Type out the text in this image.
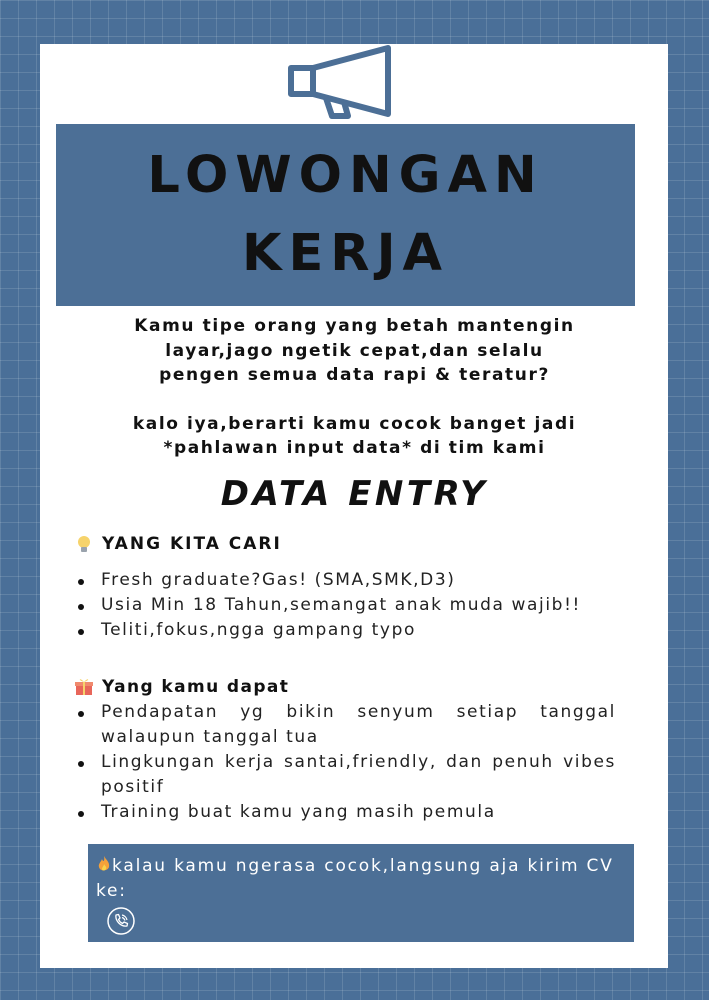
LOWONGAN
KERJA

Kamu tipe orang yang betah mantengin

layar,jago ngetik cepat,dan selalu

pengen semua data rapi & teratur?

kalo iya,berarti kamu cocok banget jadi

*pahlawan input data* di tim kami

DATA ENTRY
YANG KITA CARI
Fresh graduate?Gas! (SMA,SMK,D3)
Usia Min 18 Tahun,semangat anak muda wajib!!
Teliti,fokus,ngga gampang typo
Yang kamu dapat
Pendapatan yg bikin senyum setiap tanggal walaupun tanggal tua
Lingkungan kerja santai,friendly, dan penuh vibes positif
Training buat kamu yang masih pemula
kalau kamu ngerasa cocok,langsung aja kirim CV ke:
